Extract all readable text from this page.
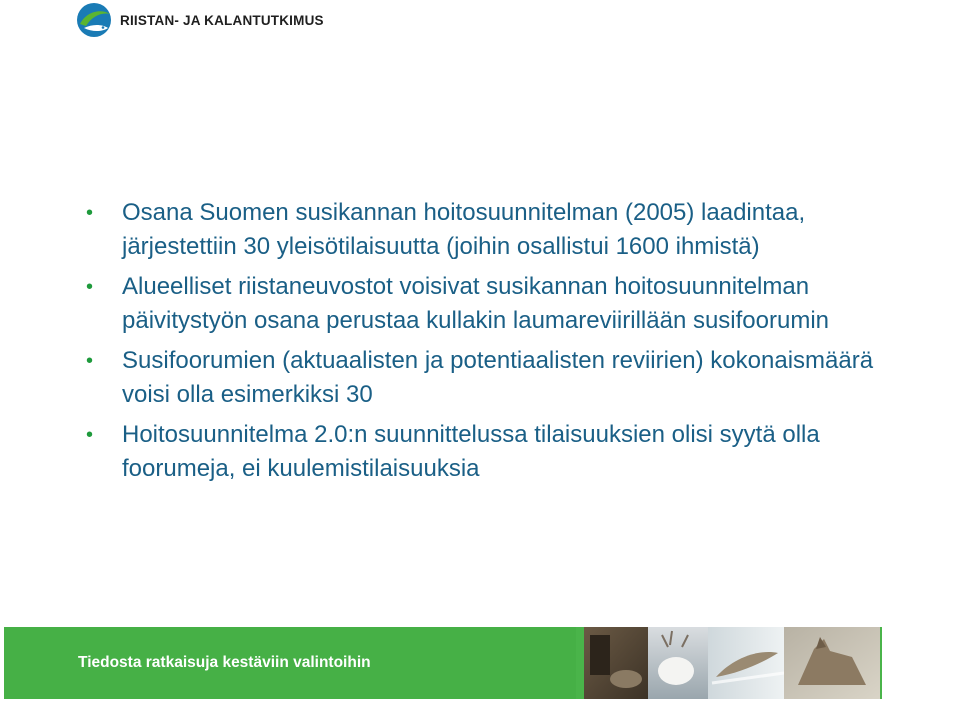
RIISTAN- JA KALANTUTKIMUS
• Osana Suomen susikannan hoitosuunnitelman (2005) laadintaa, järjestettiin 30 yleisötilaisuutta (joihin osallistui 1600 ihmistä)
• Alueelliset riistaneuvostot voisivat susikannan hoitosuunnitelman päivitystyön osana perustaa kullakin laumareviirillään susifoorumin
• Susifoorumien (aktuaalisten ja potentiaalisten reviirien) kokonaismäärä voisi olla esimerkiksi 30
• Hoitosuunnitelma 2.0:n suunnittelussa tilaisuuksien olisi syytä olla foorumeja, ei kuulemistilaisuuksia
Tiedosta ratkaisuja kestäviin valintoihin
